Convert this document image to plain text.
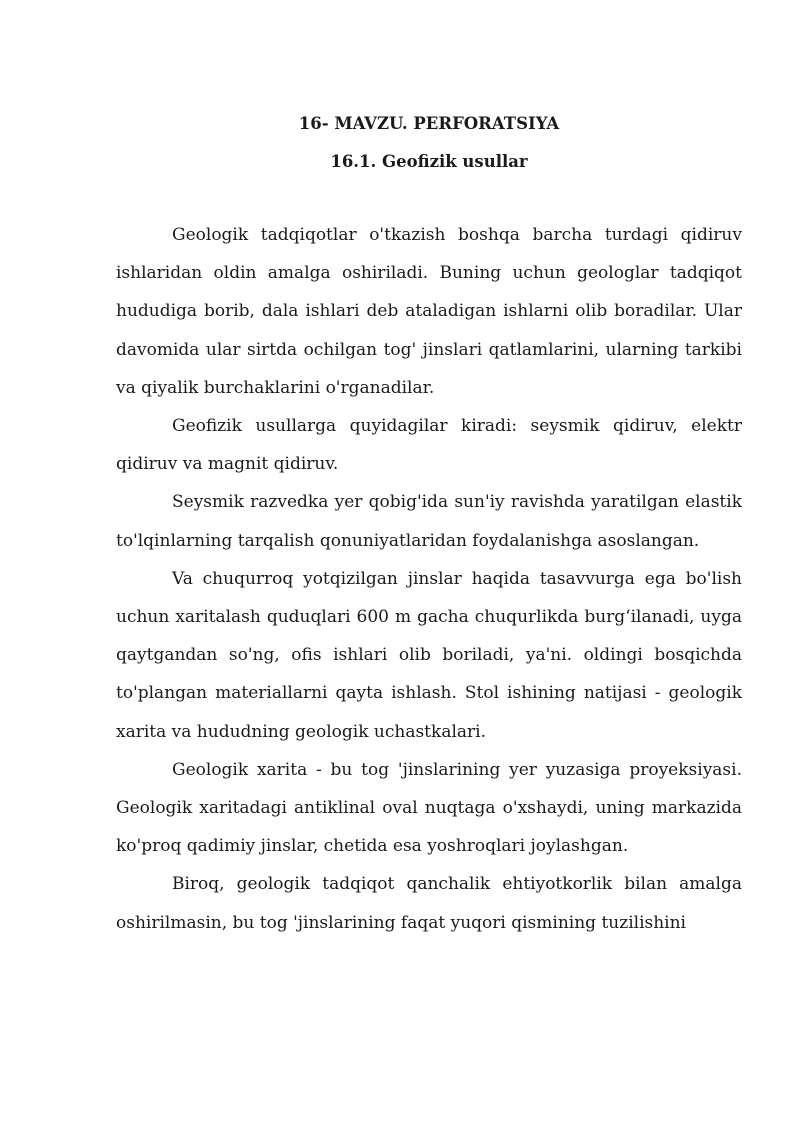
16- MAVZU. PERFORATSIYA
16.1. Geofizik usullar

Geologik tadqiqotlar o'tkazish boshqa barcha turdagi qidiruv ishlaridan oldin amalga oshiriladi. Buning uchun geologlar tadqiqot hududiga borib, dala ishlari deb ataladigan ishlarni olib boradilar. Ular davomida ular sirtda ochilgan tog' jinslari qatlamlarini, ularning tarkibi va qiyalik burchaklarini o'rganadilar.

Geofizik usullarga quyidagilar kiradi: seysmik qidiruv, elektr qidiruv va magnit qidiruv.

Seysmik razvedka yer qobig'ida sun'iy ravishda yaratilgan elastik to'lqinlarning tarqalish qonuniyatlaridan foydalanishga asoslangan.

Va chuqurroq yotqizilgan jinslar haqida tasavvurga ega bo'lish uchun xaritalash quduqlari 600 m gacha chuqurlikda burg‘ilanadi, uyga qaytgandan so'ng, ofis ishlari olib boriladi, ya'ni. oldingi bosqichda to'plangan materiallarni qayta ishlash. Stol ishining natijasi - geologik xarita va hududning geologik uchastkalari.

Geologik xarita - bu tog 'jinslarining yer yuzasiga proyeksiyasi. Geologik xaritadagi antiklinal oval nuqtaga o'xshaydi, uning markazida ko'proq qadimiy jinslar, chetida esa yoshroqlari joylashgan.

Biroq, geologik tadqiqot qanchalik ehtiyotkorlik bilan amalga oshirilmasin, bu tog 'jinslarining faqat yuqori qismining tuzilishini
